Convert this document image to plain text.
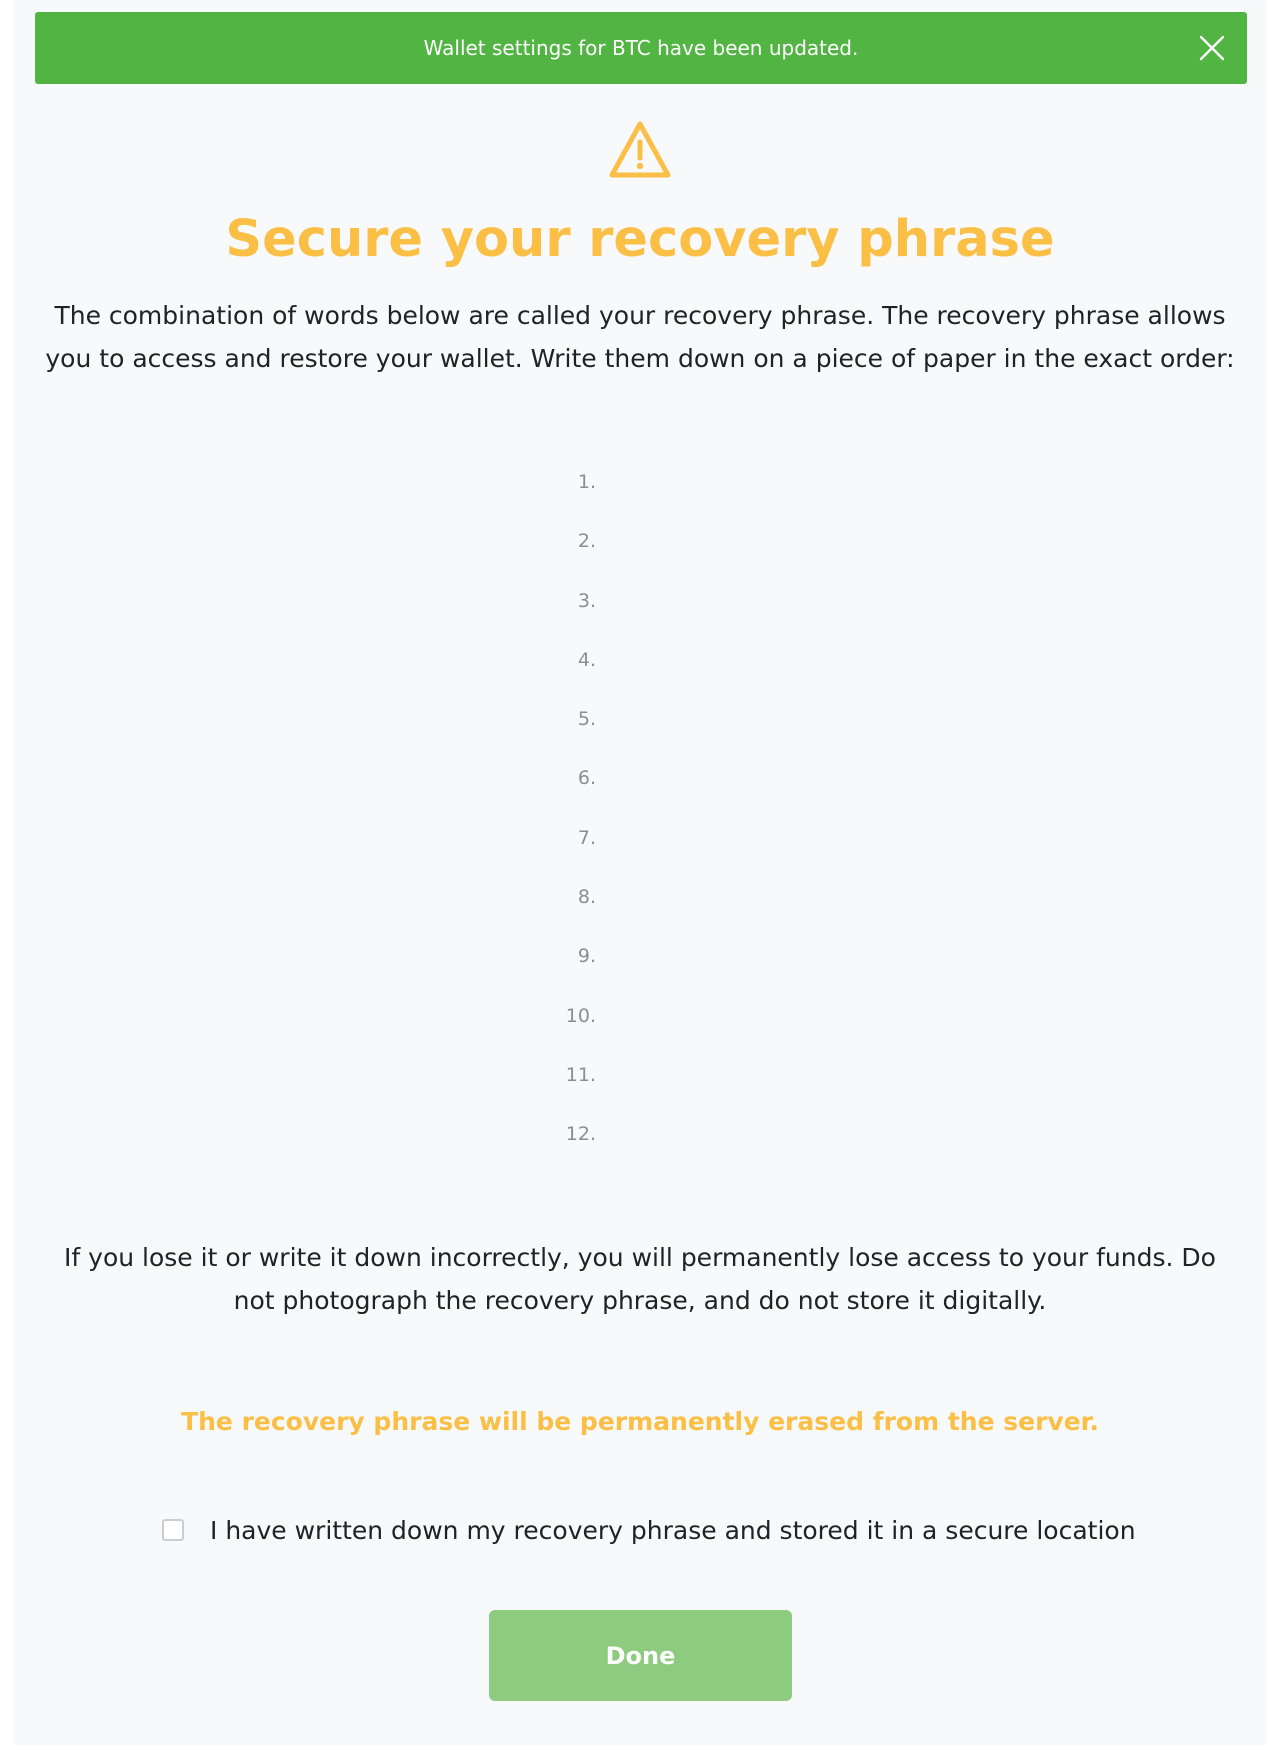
Wallet settings for BTC have been updated.
Secure your recovery phrase
The combination of words below are called your recovery phrase. The recovery phrase allows you to access and restore your wallet. Write them down on a piece of paper in the exact order:
1.
2.
3.
4.
5.
6.
7.
8.
9.
10.
11.
12.
If you lose it or write it down incorrectly, you will permanently lose access to your funds. Do not photograph the recovery phrase, and do not store it digitally.
The recovery phrase will be permanently erased from the server.
I have written down my recovery phrase and stored it in a secure location
Done
